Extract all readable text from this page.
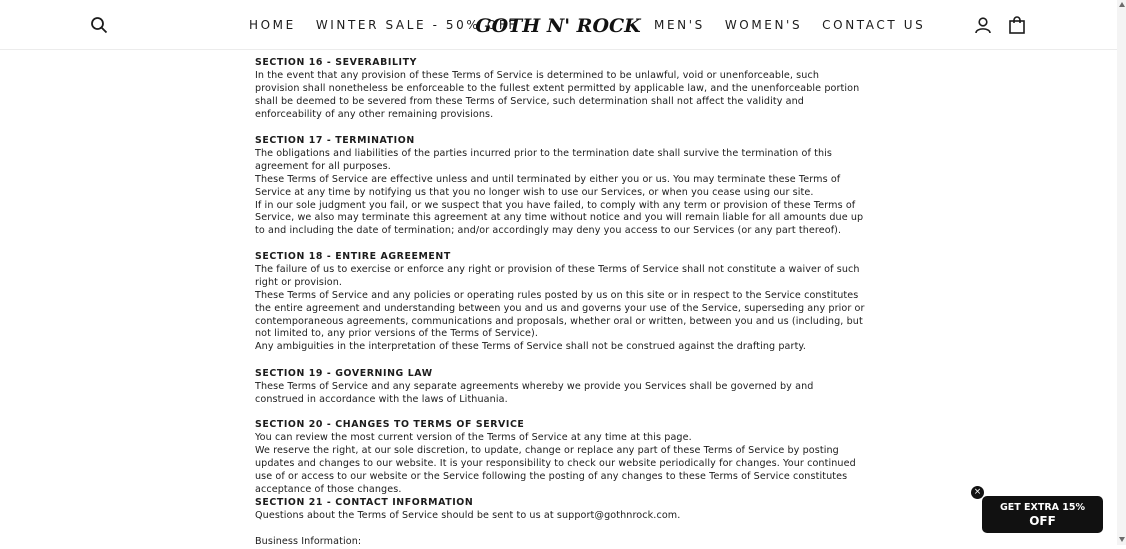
HOME WINTER SALE - 50% OFF
GOTH N' ROCK MEN'S WOMEN'S CONTACT US
SECTION 16 - SEVERABILITY

In the event that any provision of these Terms of Service is determined to be unlawful, void or unenforceable, such provision shall nonetheless be enforceable to the fullest extent permitted by applicable law, and the unenforceable portion shall be deemed to be severed from these Terms of Service, such determination shall not affect the validity and enforceability of any other remaining provisions.

SECTION 17 - TERMINATION

The obligations and liabilities of the parties incurred prior to the termination date shall survive the termination of this agreement for all purposes.

These Terms of Service are effective unless and until terminated by either you or us. You may terminate these Terms of Service at any time by notifying us that you no longer wish to use our Services, or when you cease using our site.

If in our sole judgment you fail, or we suspect that you have failed, to comply with any term or provision of these Terms of Service, we also may terminate this agreement at any time without notice and you will remain liable for all amounts due up to and including the date of termination; and/or accordingly may deny you access to our Services (or any part thereof).

SECTION 18 - ENTIRE AGREEMENT

The failure of us to exercise or enforce any right or provision of these Terms of Service shall not constitute a waiver of such right or provision.

These Terms of Service and any policies or operating rules posted by us on this site or in respect to the Service constitutes the entire agreement and understanding between you and us and governs your use of the Service, superseding any prior or contemporaneous agreements, communications and proposals, whether oral or written, between you and us (including, but not limited to, any prior versions of the Terms of Service).

Any ambiguities in the interpretation of these Terms of Service shall not be construed against the drafting party.

SECTION 19 - GOVERNING LAW

These Terms of Service and any separate agreements whereby we provide you Services shall be governed by and construed in accordance with the laws of Lithuania.

SECTION 20 - CHANGES TO TERMS OF SERVICE

You can review the most current version of the Terms of Service at any time at this page.

We reserve the right, at our sole discretion, to update, change or replace any part of these Terms of Service by posting updates and changes to our website. It is your responsibility to check our website periodically for changes. Your continued use of or access to our website or the Service following the posting of any changes to these Terms of Service constitutes acceptance of those changes.

SECTION 21 - CONTACT INFORMATION

Questions about the Terms of Service should be sent to us at support@gothnrock.com.

Business Information:

×
GET EXTRA 15%
OFF
